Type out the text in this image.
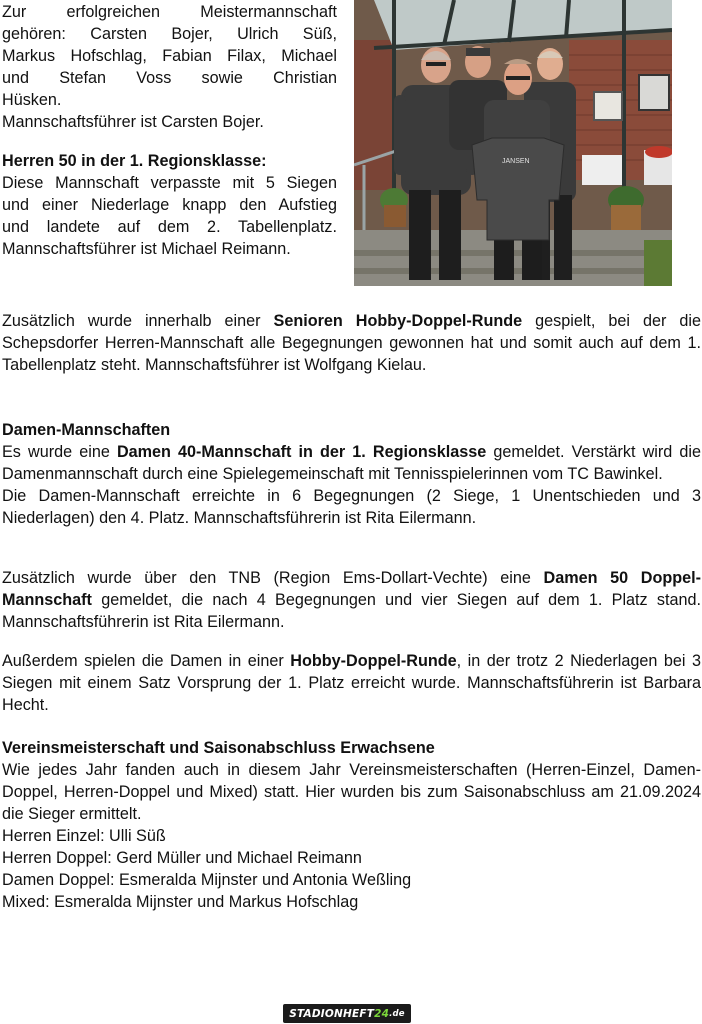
Zur erfolgreichen Meistermannschaft
gehören: Carsten Bojer, Ulrich Süß,
Markus Hofschlag, Fabian Filax, Michael
und Stefan Voss sowie Christian
Hüsken.
Mannschaftsführer ist Carsten Bojer.

Herren 50 in der 1. Regionsklasse:
Diese Mannschaft verpasste mit 5 Siegen
und einer Niederlage knapp den Aufstieg
und landete auf dem 2. Tabellenplatz.
Mannschaftsführer ist Michael Reimann.

JANSEN

Zusätzlich wurde innerhalb einer Senioren Hobby-Doppel-Runde gespielt, bei der die Schepsdorfer Herren-Mannschaft alle Begegnungen gewonnen hat und somit auch auf dem 1. Tabellenplatz steht. Mannschaftsführer ist Wolfgang Kielau.

Damen-Mannschaften
Es wurde eine Damen 40-Mannschaft in der 1. Regionsklasse gemeldet. Verstärkt wird die Damenmannschaft durch eine Spielegemeinschaft mit Tennisspielerinnen vom TC Bawinkel.
Die Damen-Mannschaft erreichte in 6 Begegnungen (2 Siege, 1 Unentschieden und 3 Niederlagen) den 4. Platz. Mannschaftsführerin ist Rita Eilermann.

Zusätzlich wurde über den TNB (Region Ems-Dollart-Vechte) eine Damen 50 Doppel-Mannschaft gemeldet, die nach 4 Begegnungen und vier Siegen auf dem 1. Platz stand. Mannschaftsführerin ist Rita Eilermann.

Außerdem spielen die Damen in einer Hobby-Doppel-Runde, in der trotz 2 Niederlagen bei 3 Siegen mit einem Satz Vorsprung der 1. Platz erreicht wurde. Mannschaftsführerin ist Barbara Hecht.

Vereinsmeisterschaft und Saisonabschluss Erwachsene
Wie jedes Jahr fanden auch in diesem Jahr Vereinsmeisterschaften (Herren-Einzel, Damen-Doppel, Herren-Doppel und Mixed) statt. Hier wurden bis zum Saisonabschluss am 21.09.2024 die Sieger ermittelt.
Herren Einzel: Ulli Süß
Herren Doppel: Gerd Müller und Michael Reimann
Damen Doppel: Esmeralda Mijnster und Antonia Weßling
Mixed: Esmeralda Mijnster und Markus Hofschlag
STADIONHEFT 24 .de
